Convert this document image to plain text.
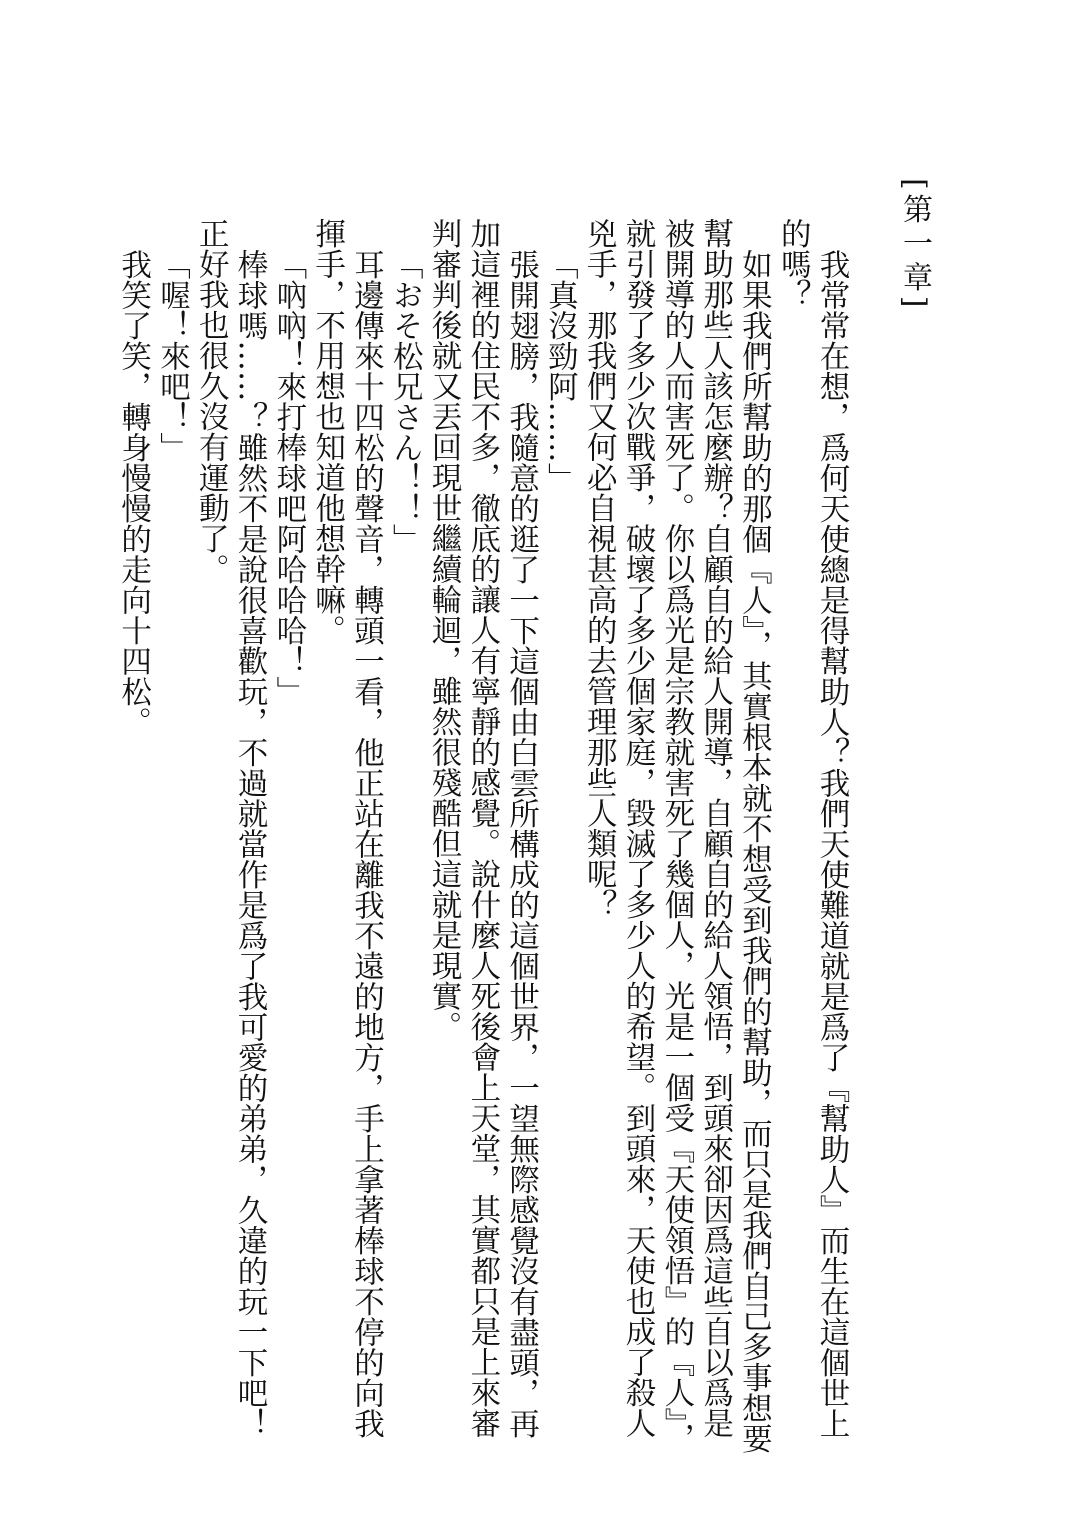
[第一章]

我常常在想，爲何天使總是得幫助人？我們天使難道就是爲了『幫助人』而生在這個世上的嗎？

如果我們所幫助的那個『人』，其實根本就不想受到我們的幫助，而只是我們自己多事想要幫助那些人該怎麼辦？自顧自的給人開導，自顧自的給人領悟，到頭來卻因爲這些自以爲是被開導的人而害死了。你以爲光是宗教就害死了幾個人，光是一個受『天使領悟』的『人』，就引發了多少次戰爭，破壞了多少個家庭，毀滅了多少人的希望。到頭來，天使也成了殺人兇手，那我們又何必自視甚高的去管理那些人類呢？

「真沒勁阿……」

張開翅膀，我隨意的逛了一下這個由白雲所構成的這個世界，一望無際感覺沒有盡頭，再加這裡的住民不多，徹底的讓人有寧靜的感覺。說什麼人死後會上天堂，其實都只是上來審判審判後就又丟回現世繼續輪迴，雖然很殘酷但這就是現實。

「おそ松兄さん！！」

耳邊傳來十四松的聲音，轉頭一看，他正站在離我不遠的地方，手上拿著棒球不停的向我揮手，不用想也知道他想幹嘛。

「吶吶！來打棒球吧阿哈哈哈！」

棒球嗎……？雖然不是說很喜歡玩，不過就當作是爲了我可愛的弟弟，久違的玩一下吧！正好我也很久沒有運動了。

「喔！來吧！」

我笑了笑，轉身慢慢的走向十四松。
